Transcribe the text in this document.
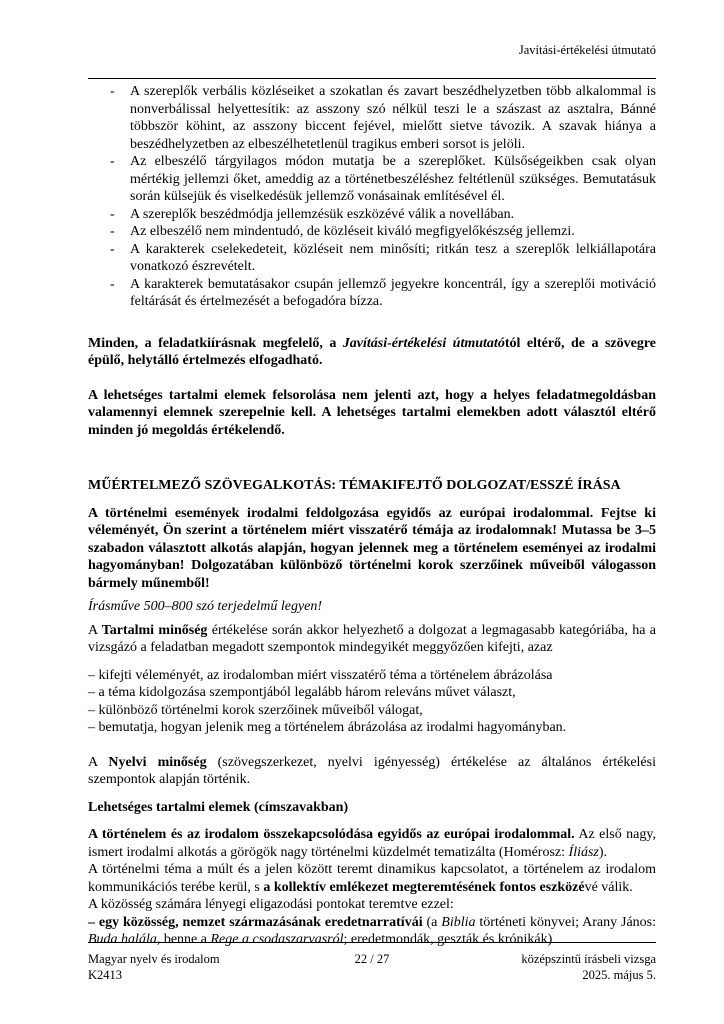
Javítási-értékelési útmutató
- A szereplők verbális közléseiket a szokatlan és zavart beszédhelyzetben több alkalommal is nonverbálissal helyettesítik: az asszony szó nélkül teszi le a szászast az asztalra, Bánné többször köhint, az asszony biccent fejével, mielőtt sietve távozik. A szavak hiánya a beszédhelyzetben az elbeszélhetetlenül tragikus emberi sorsot is jelöli.
- Az elbeszélő tárgyilagos módon mutatja be a szereplőket. Külsőségeikben csak olyan mértékig jellemzi őket, ameddig az a történetbeszéléshez feltétlenül szükséges. Bemutatásuk során külsejük és viselkedésük jellemző vonásainak említésével él.
- A szereplők beszédmódja jellemzésük eszközévé válik a novellában.
- Az elbeszélő nem mindentudó, de közléseit kiváló megfigyelőkészség jellemzi.
- A karakterek cselekedeteit, közléseit nem minősíti; ritkán tesz a szereplők lelkiállapotára vonatkozó észrevételt.
- A karakterek bemutatásakor csupán jellemző jegyekre koncentrál, így a szereplői motiváció feltárását és értelmezését a befogadóra bízza.

Minden, a feladatkiírásnak megfelelő, a Javítási-értékelési útmutatótól eltérő, de a szövegre épülő, helytálló értelmezés elfogadható.

A lehetséges tartalmi elemek felsorolása nem jelenti azt, hogy a helyes feladatmegoldásban valamennyi elemnek szerepelnie kell. A lehetséges tartalmi elemekben adott választól eltérő minden jó megoldás értékelendő.

MŰÉRTELMEZŐ SZÖVEGALKOTÁS: TÉMAKIFEJTŐ DOLGOZAT/ESSZÉ ÍRÁSA

A történelmi események irodalmi feldolgozása egyidős az európai irodalommal. Fejtse ki véleményét, Ön szerint a történelem miért visszatérő témája az irodalomnak! Mutassa be 3–5 szabadon választott alkotás alapján, hogyan jelennek meg a történelem eseményei az irodalmi hagyományban! Dolgozatában különböző történelmi korok szerzőinek műveiből válogasson bármely műnemből!

Írásműve 500–800 szó terjedelmű legyen!

A Tartalmi minőség értékelése során akkor helyezhető a dolgozat a legmagasabb kategóriába, ha a vizsgázó a feladatban megadott szempontok mindegyikét meggyőzően kifejti, azaz

– kifejti véleményét, az irodalomban miért visszatérő téma a történelem ábrázolása

– a téma kidolgozása szempontjából legalább három releváns művet választ,

– különböző történelmi korok szerzőinek műveiből válogat,

– bemutatja, hogyan jelenik meg a történelem ábrázolása az irodalmi hagyományban.

A Nyelvi minőség (szövegszerkezet, nyelvi igényesség) értékelése az általános értékelési szempontok alapján történik.

Lehetséges tartalmi elemek (címszavakban)

A történelem és az irodalom összekapcsolódása egyidős az európai irodalommal. Az első nagy, ismert irodalmi alkotás a görögök nagy történelmi küzdelmét tematizálta (Homérosz: Íliász).

A történelmi téma a múlt és a jelen között teremt dinamikus kapcsolatot, a történelem az irodalom kommunikációs terébe kerül, s a kollektív emlékezet megteremtésének fontos eszközévé válik.

A közösség számára lényegi eligazodási pontokat teremtve ezzel:

– egy közösség, nemzet származásának eredetnarratívái (a Biblia történeti könyvei; Arany János: Buda halála, benne a Rege a csodaszarvasról; eredetmondák, geszták és krónikák)

Magyar nyelv és irodalom
K2413
22 / 27	középszintű írásbeli vizsga
2025. május 5.
